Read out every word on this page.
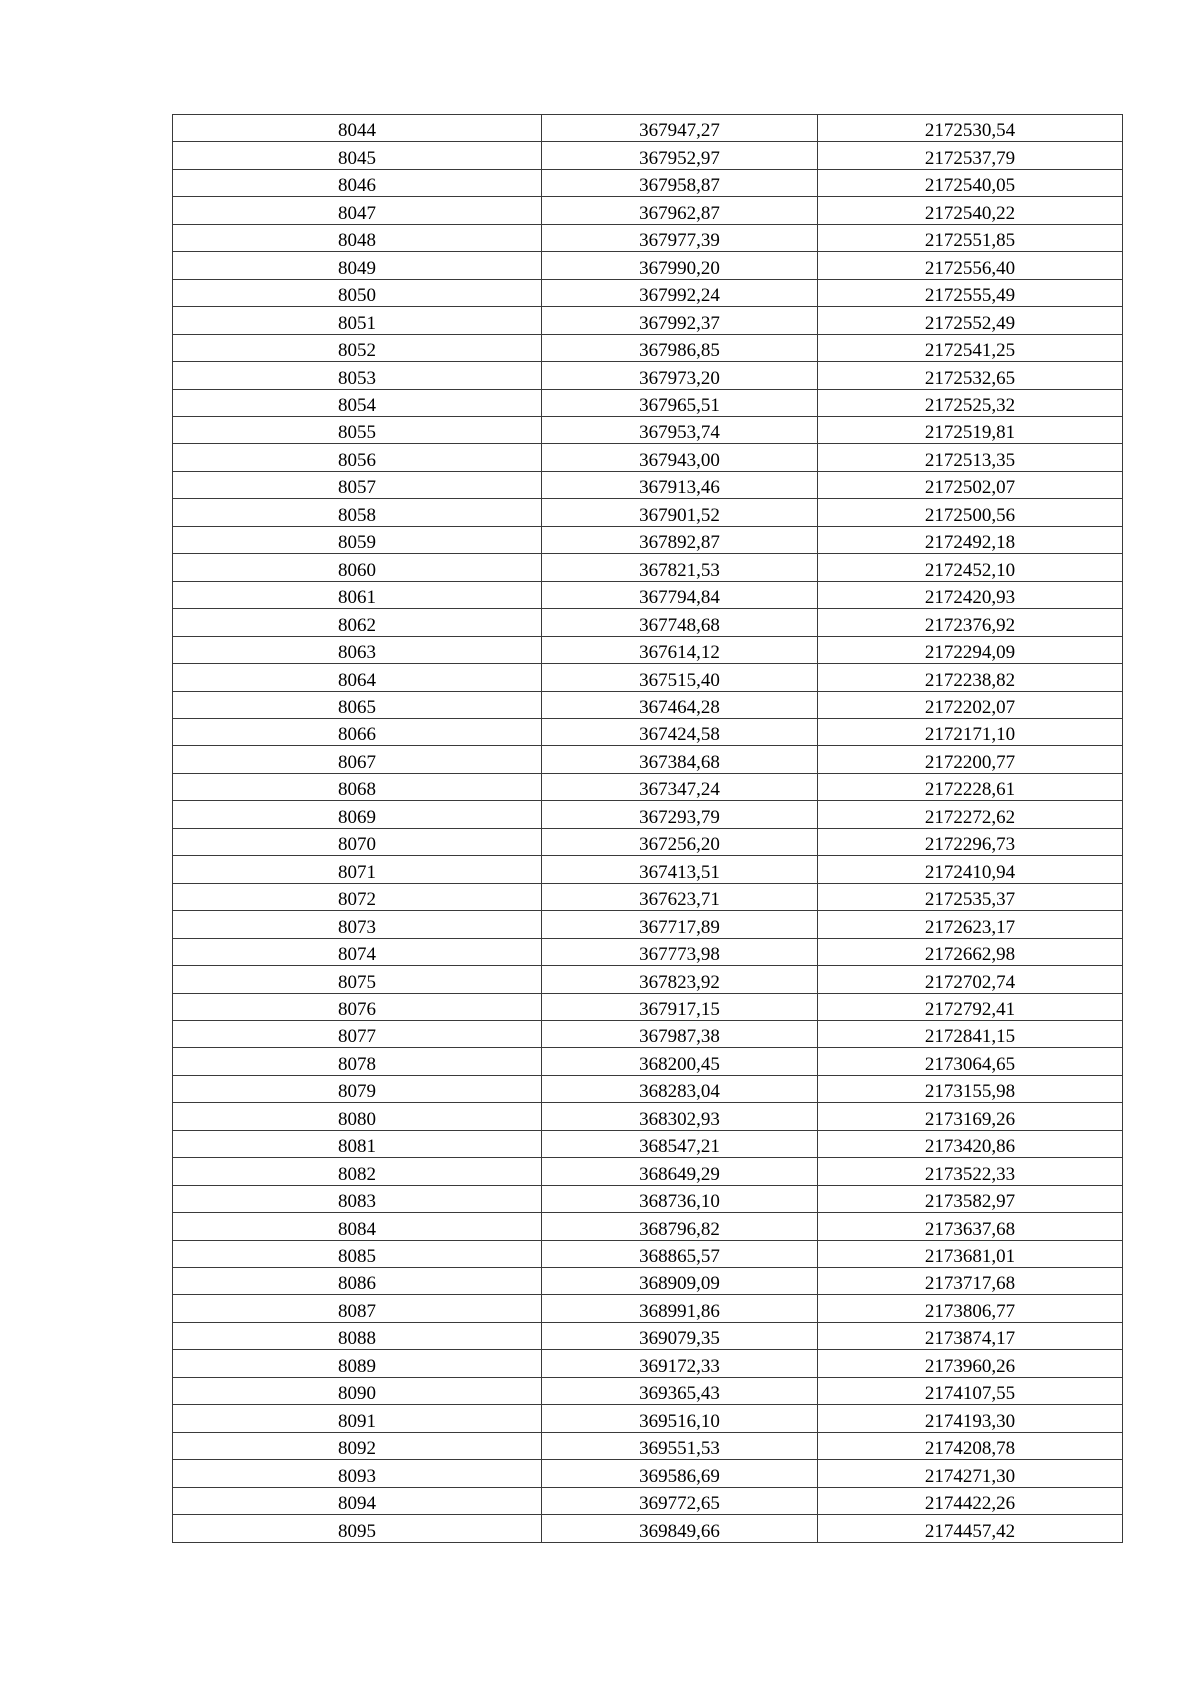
8044	367947,27	2172530,54
8045	367952,97	2172537,79
8046	367958,87	2172540,05
8047	367962,87	2172540,22
8048	367977,39	2172551,85
8049	367990,20	2172556,40
8050	367992,24	2172555,49
8051	367992,37	2172552,49
8052	367986,85	2172541,25
8053	367973,20	2172532,65
8054	367965,51	2172525,32
8055	367953,74	2172519,81
8056	367943,00	2172513,35
8057	367913,46	2172502,07
8058	367901,52	2172500,56
8059	367892,87	2172492,18
8060	367821,53	2172452,10
8061	367794,84	2172420,93
8062	367748,68	2172376,92
8063	367614,12	2172294,09
8064	367515,40	2172238,82
8065	367464,28	2172202,07
8066	367424,58	2172171,10
8067	367384,68	2172200,77
8068	367347,24	2172228,61
8069	367293,79	2172272,62
8070	367256,20	2172296,73
8071	367413,51	2172410,94
8072	367623,71	2172535,37
8073	367717,89	2172623,17
8074	367773,98	2172662,98
8075	367823,92	2172702,74
8076	367917,15	2172792,41
8077	367987,38	2172841,15
8078	368200,45	2173064,65
8079	368283,04	2173155,98
8080	368302,93	2173169,26
8081	368547,21	2173420,86
8082	368649,29	2173522,33
8083	368736,10	2173582,97
8084	368796,82	2173637,68
8085	368865,57	2173681,01
8086	368909,09	2173717,68
8087	368991,86	2173806,77
8088	369079,35	2173874,17
8089	369172,33	2173960,26
8090	369365,43	2174107,55
8091	369516,10	2174193,30
8092	369551,53	2174208,78
8093	369586,69	2174271,30
8094	369772,65	2174422,26
8095	369849,66	2174457,42
